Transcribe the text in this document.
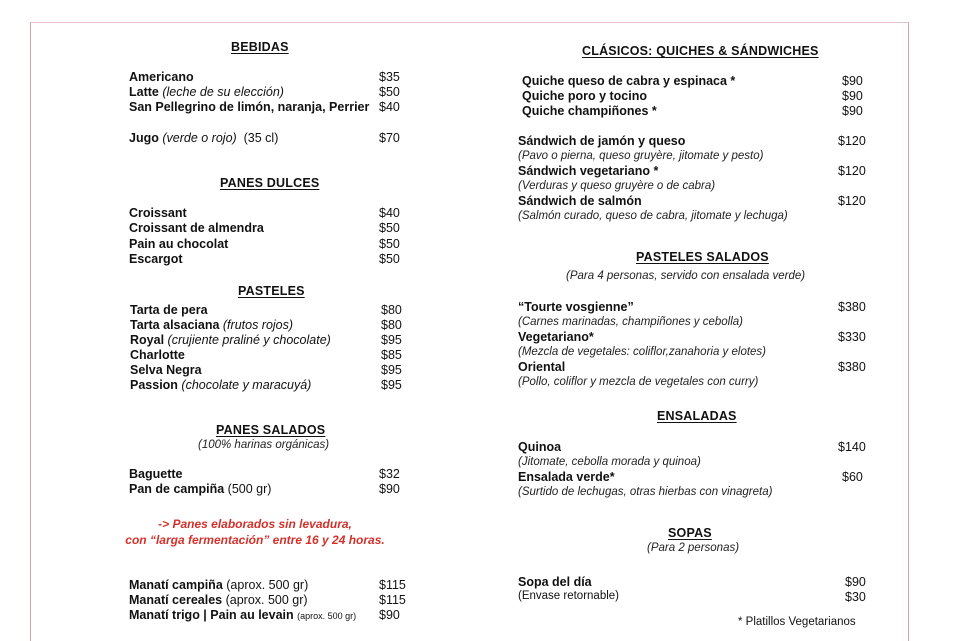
BEBIDAS
Americano	$35
Latte (leche de su elección)	$50
San Pellegrino de limón, naranja, Perrier $40
Jugo (verde o rojo) (35 cl)	$70
PANES DULCES
Croissant	$40
Croissant de almendra	$50
Pain au chocolat	$50
Escargot	$50
PASTELES
Tarta de pera	$80
Tarta alsaciana (frutos rojos)	$80
Royal (crujiente praliné y chocolate)	$95
Charlotte	$85
Selva Negra	$95
Passion (chocolate y maracuyá)	$95
PANES SALADOS
(100% harinas orgánicas)
Baguette	$32
Pan de campiña (500 gr)	$90
-> Panes elaborados sin levadura,
con “larga fermentación” entre 16 y 24 horas.
Manatí campiña (aprox. 500 gr)	$115
Manatí cereales (aprox. 500 gr)	$115
Manatí trigo | Pain au levain (aprox. 500 gr) $90
CLÁSICOS: QUICHES & SÁNDWICHES
Quiche queso de cabra y espinaca *	$90
Quiche poro y tocino	$90
Quiche champiñones *	$90
Sándwich de jamón y queso	$120
(Pavo o pierna, queso gruyère, jitomate y pesto)
Sándwich vegetariano *	$120
(Verduras y queso gruyère o de cabra)
Sándwich de salmón	$120
(Salmón curado, queso de cabra, jitomate y lechuga)
PASTELES SALADOS
(Para 4 personas, servido con ensalada verde)
“Tourte vosgienne”	$380
(Carnes marinadas, champiñones y cebolla)
Vegetariano*	$330
(Mezcla de vegetales: coliflor,zanahoria y elotes)
Oriental	$380
(Pollo, coliflor y mezcla de vegetales con curry)
ENSALADAS
Quinoa	$140
(Jitomate, cebolla morada y quinoa)
Ensalada verde*	$60
(Surtido de lechugas, otras hierbas con vinagreta)
SOPAS
(Para 2 personas)
Sopa del día	$90
(Envase retornable)	$30
* Platillos Vegetarianos
